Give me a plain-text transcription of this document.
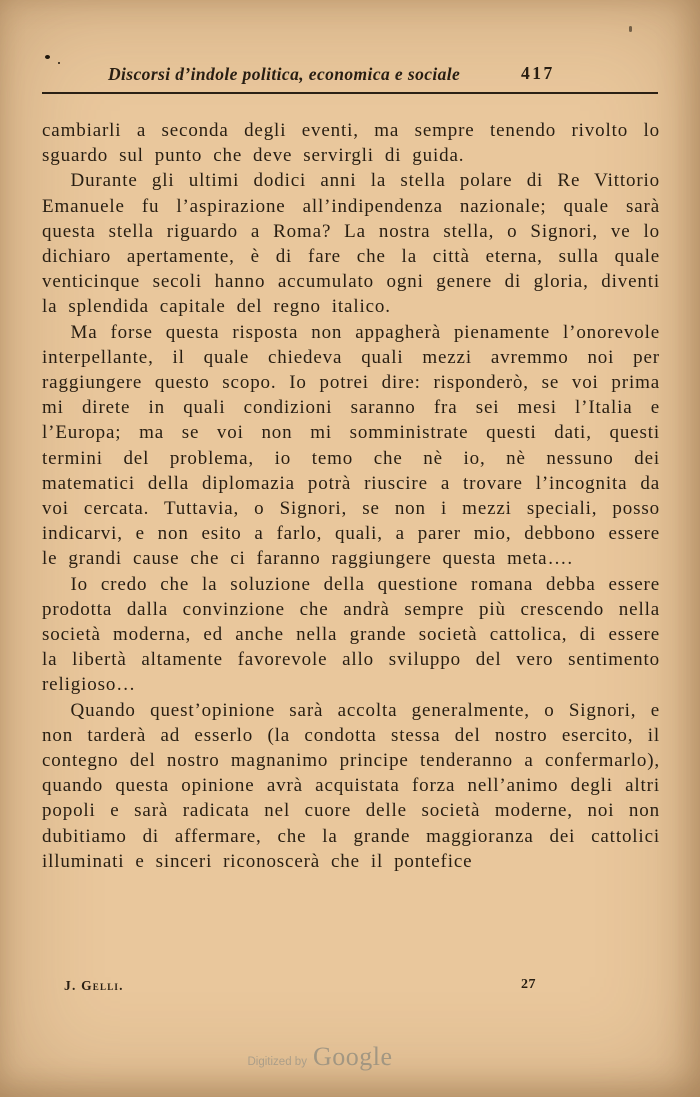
Discorsi d’indole politica, economica e sociale	417

cambiarli a seconda degli eventi, ma sempre tenendo rivolto lo sguardo sul punto che deve servirgli di guida.

Durante gli ultimi dodici anni la stella polare di Re Vittorio Emanuele fu l’aspirazione all’indipendenza nazionale; quale sarà questa stella riguardo a Roma? La nostra stella, o Signori, ve lo dichiaro apertamente, è di fare che la città eterna, sulla quale venticinque secoli hanno accumulato ogni genere di gloria, diventi la splendida capitale del regno italico.

Ma forse questa risposta non appagherà pienamente l’onorevole interpellante, il quale chiedeva quali mezzi avremmo noi per raggiungere questo scopo. Io potrei dire: risponderò, se voi prima mi direte in quali condizioni saranno fra sei mesi l’Italia e l’Europa; ma se voi non mi somministrate questi dati, questi termini del problema, io temo che nè io, nè nessuno dei matematici della diplomazia potrà riuscire a trovare l’incognita da voi cercata. Tuttavia, o Signori, se non i mezzi speciali, posso indicarvi, e non esito a farlo, quali, a parer mio, debbono essere le grandi cause che ci faranno raggiungere questa meta….

Io credo che la soluzione della questione romana debba essere prodotta dalla convinzione che andrà sempre più crescendo nella società moderna, ed anche nella grande società cattolica, di essere la libertà altamente favorevole allo sviluppo del vero sentimento religioso…

Quando quest’opinione sarà accolta generalmente, o Signori, e non tarderà ad esserlo (la condotta stessa del nostro esercito, il contegno del nostro magnanimo principe tenderanno a confermarlo), quando questa opinione avrà acquistata forza nell’animo degli altri popoli e sarà radicata nel cuore delle società moderne, noi non dubitiamo di affermare, che la grande maggioranza dei cattolici illuminati e sinceri riconoscerà che il pontefice

J. Gelli.	27
Digitized by Google
